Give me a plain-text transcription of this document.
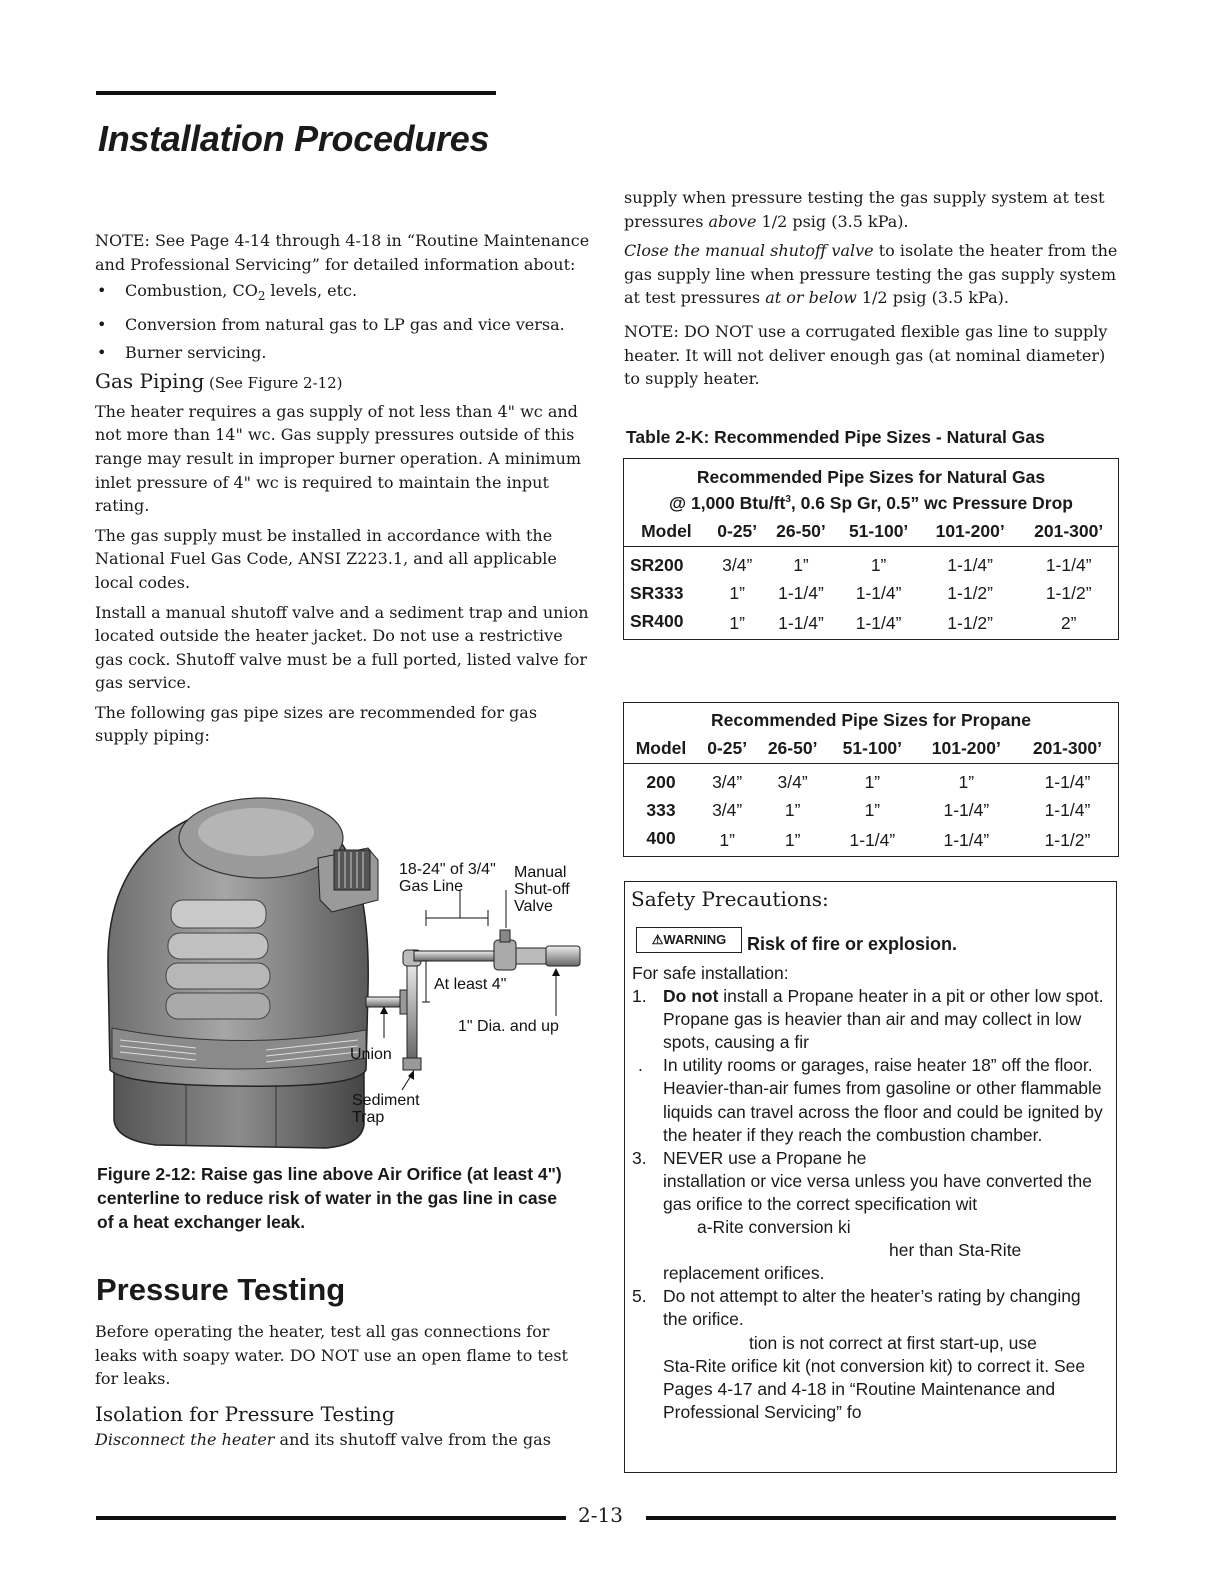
Installation Procedures

NOTE: See Page 4-14 through 4-18 in “Routine Maintenance and Professional Servicing” for detailed information about:

• Combustion, $CO_2$ levels, etc.
• Conversion from natural gas to LP gas and vice versa.
• Burner servicing.
Gas Piping (See Figure 2-12)

The heater requires a gas supply of not less than 4" wc and not more than 14" wc. Gas supply pressures outside of this range may result in improper burner operation. A minimum inlet pressure of 4" wc is required to maintain the input rating.

The gas supply must be installed in accordance with the National Fuel Gas Code, ANSI Z223.1, and all applicable local codes.

Install a manual shutoff valve and a sediment trap and union located outside the heater jacket. Do not use a restrictive gas cock. Shutoff valve must be a full ported, listed valve for gas service.

The following gas pipe sizes are recommended for gas supply piping:

18-24" of 3/4"
Gas Line
Manual
Shut-off
Valve
At least 4"
1" Dia. and up
Union
Sediment
Trap
Figure 2-12: Raise gas line above Air Orifice (at least 4") centerline to reduce risk of water in the gas line in case of a heat exchanger leak.
Pressure Testing

Before operating the heater, test all gas connections for leaks with soapy water. DO NOT use an open flame to test for leaks.

Isolation for Pressure Testing

Disconnect the heater and its shutoff valve from the gas

supply when pressure testing the gas supply system at test pressures above 1/2 psig (3.5 kPa).

Close the manual shutoff valve to isolate the heater from the gas supply line when pressure testing the gas supply system at test pressures at or below 1/2 psig (3.5 kPa).

NOTE: DO NOT use a corrugated flexible gas line to supply heater. It will not deliver enough gas (at nominal diameter) to supply heater.

Table 2-K: Recommended Pipe Sizes - Natural Gas
Recommended Pipe Sizes for Natural Gas					
@ 1,000 Btu/$ft^3$, 0.6 Sp Gr, 0.5” wc Pressure Drop					
Model	0-25’	26-50’	51-100’	101-200’	201-300’
SR200	3/4”	1”	1”	1-1/4”	1-1/4”
SR333	1”	1-1/4”	1-1/4”	1-1/2”	1-1/2”
SR400	1”	1-1/4”	1-1/4”	1-1/2”	2”
Recommended Pipe Sizes for Propane					
Model	0-25’	26-50’	51-100’	101-200’	201-300’
200	3/4”	3/4”	1”	1”	1-1/4”
333	3/4”	1”	1”	1-1/4”	1-1/4”
400	1”	1”	1-1/4”	1-1/4”	1-1/2”
Safety Precautions:
⚠WARNING	Risk of fire or explosion.
For safe installation:
1. Do not install a Propane heater in a pit or other low spot. Propane gas is heavier than air and may collect in low spots, causing a fir
. In utility rooms or garages, raise heater 18” off the floor. Heavier-than-air fumes from gasoline or other flammable liquids can travel across the floor and could be ignited by the heater if they reach the combustion chamber.
3. NEVER use a Propane he
installation or vice versa unless you have converted the gas orifice to the correct specification wit
a-Rite conversion ki
her than Sta-Rite
replacement orifices.
5. Do not attempt to alter the heater’s rating by changing the orifice.
tion is not correct at first start-up, use
Sta-Rite orifice kit (not conversion kit) to correct it. See Pages 4-17 and 4-18 in “Routine Maintenance and Professional Servicing” fo
2-13
